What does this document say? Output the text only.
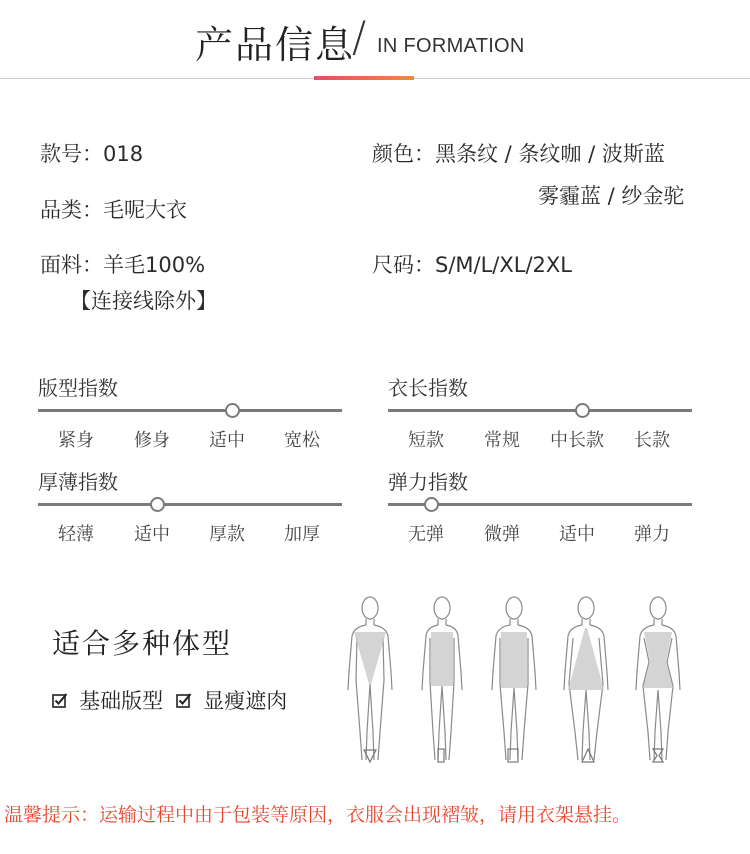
产品信息
/ IN FORMATION
款号：018
品类：毛呢大衣
面料：羊毛100%
【连接线除外】
颜色：黑条纹 / 条纹咖 / 波斯蓝
雾霾蓝 / 纱金驼
尺码：S/M/L/XL/2XL
版型指数
紧身 修身 适中 宽松
衣长指数
短款 常规 中长款 长款
厚薄指数
轻薄 适中 厚款 加厚
弹力指数
无弹 微弹 适中 弹力
适合多种体型
基础版型 显瘦遮肉
温馨提示：运输过程中由于包装等原因，衣服会出现褶皱，请用衣架悬挂。
